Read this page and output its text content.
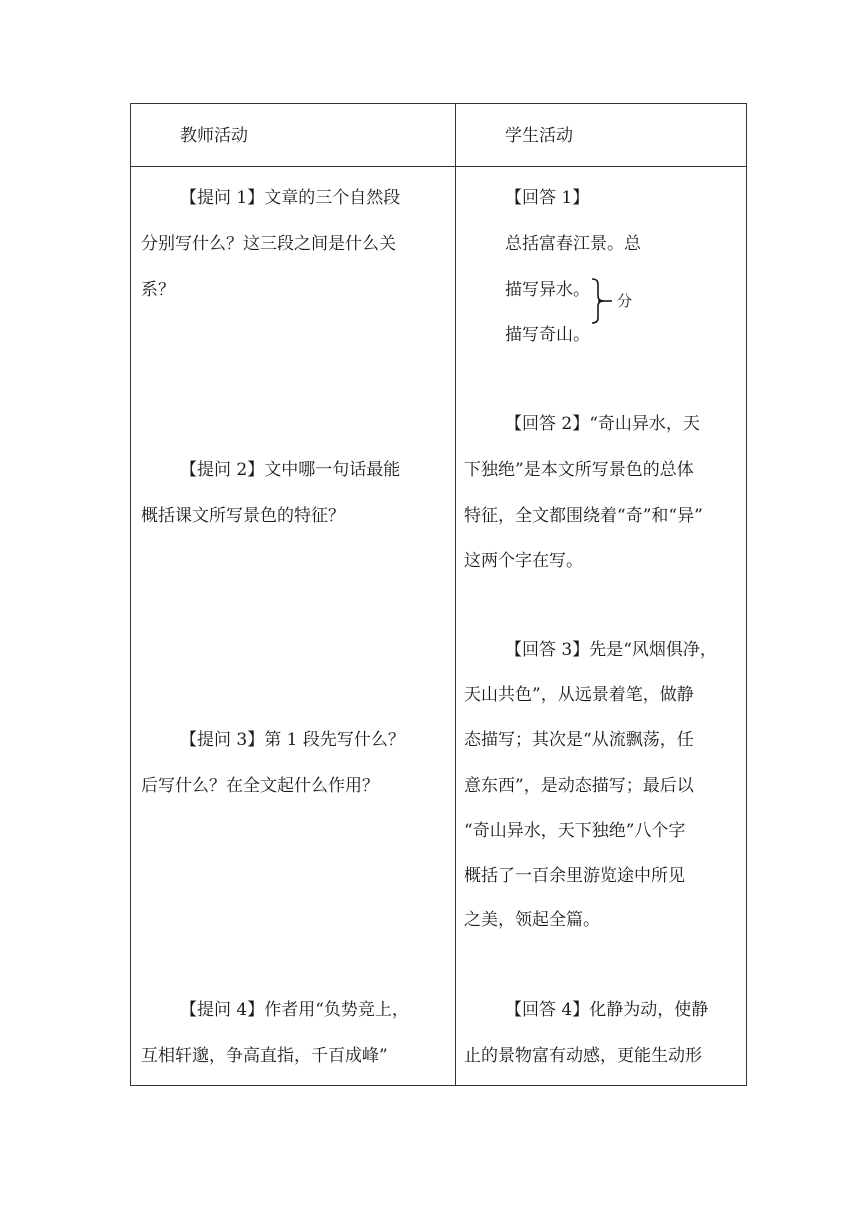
教师活动	学生活动
【提问 1】文章的三个自然段
分别写什么？这三段之间是什么关
系？
【提问 2】文中哪一句话最能
概括课文所写景色的特征？
【提问 3】第 1 段先写什么？
后写什么？在全文起什么作用？
【提问 4】作者用“负势竞上，
互相轩邈，争高直指，千百成峰”
【回答 1】
总括富春江景。总
描写异水。
描写奇山。
分
【回答 2】“奇山异水，天
下独绝”是本文所写景色的总体
特征，全文都围绕着“奇”和“异”
这两个字在写。
【回答 3】先是“风烟俱净，
天山共色”，从远景着笔，做静
态描写；其次是“从流飘荡，任
意东西”，是动态描写；最后以
“奇山异水，天下独绝”八个字
概括了一百余里游览途中所见
之美，领起全篇。
【回答 4】化静为动，使静
止的景物富有动感，更能生动形
